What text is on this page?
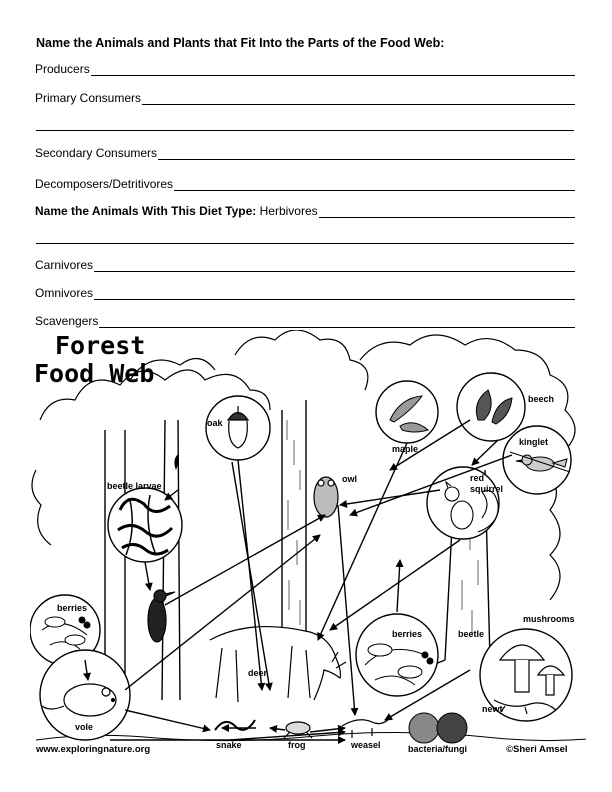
Name the Animals and Plants that Fit Into the Parts of the Food Web:
Producers
Primary Consumers
Secondary Consumers
Decomposers/Detritivores
Name the Animals With This Diet Type: Herbivores
Carnivores
Omnivores
Scavengers
Forest
Food Web
oak
maple
beech
kinglet
owl	red
squirrel
beetle larvae
berries
berries	beetle
mushrooms
deer
vole
snake	frog	weasel	bacteria/fungi
newt
www.exploringnature.org	©Sheri Amsel
